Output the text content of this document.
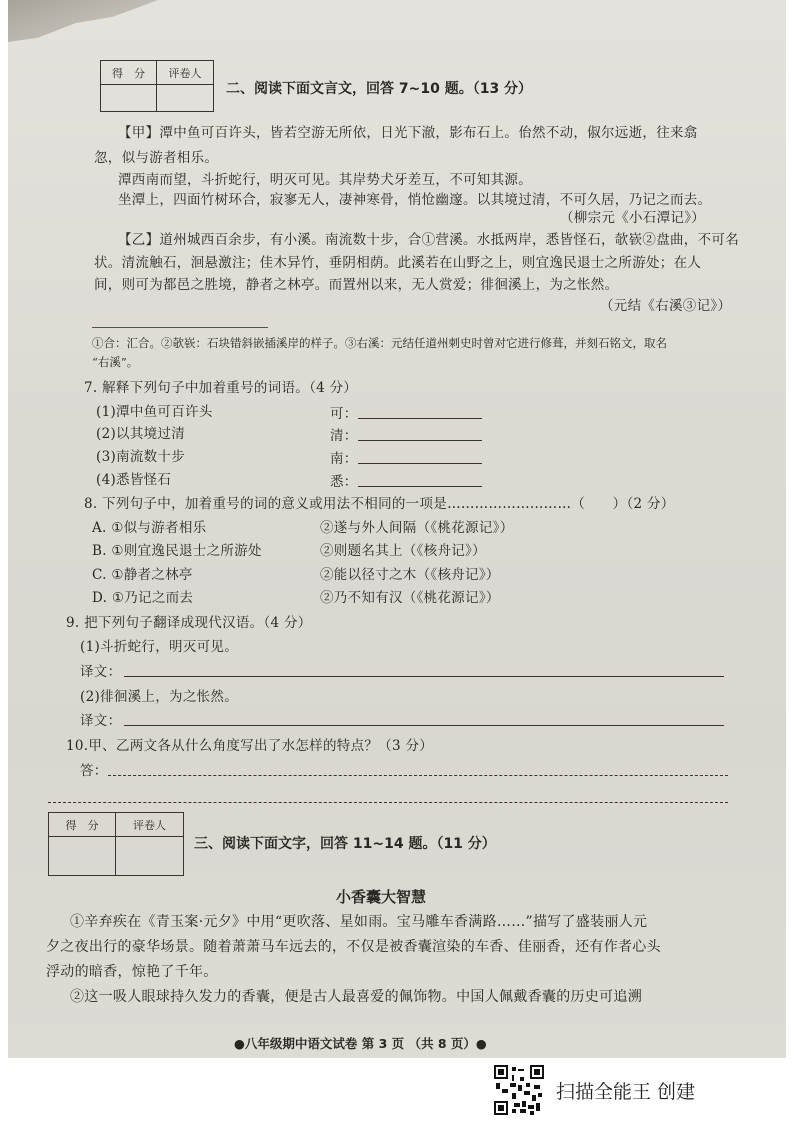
得　分	评卷人
二、阅读下面文言文，回答 7~10 题。（13 分）
【甲】潭中鱼可百许头，皆若空游无所依，日光下澈，影布石上。佁然不动，俶尔远逝，往来翕
忽，似与游者相乐。
潭西南而望，斗折蛇行，明灭可见。其岸势犬牙差互，不可知其源。
坐潭上，四面竹树环合，寂寥无人，凄神寒骨，悄怆幽邃。以其境过清，不可久居，乃记之而去。
（柳宗元《小石潭记》）
【乙】道州城西百余步，有小溪。南流数十步，合①营溪。水抵两岸，悉皆怪石，欹嵚②盘曲，不可名
状。清流触石，洄悬激注；佳木异竹，垂阴相荫。此溪若在山野之上，则宜逸民退士之所游处；在人
间，则可为都邑之胜境，静者之林亭。而置州以来，无人赏爱；徘徊溪上，为之怅然。
（元结《右溪③记》）
①合：汇合。②欹嵚：石块错斜嵌插溪岸的样子。③右溪：元结任道州刺史时曾对它进行修葺，并刻石铭文，取名
“右溪”。
7. 解释下列句子中加着重号的词语。（4 分）
(1)潭中鱼可百许头	可：
(2)以其境过清	清：
(3)南流数十步	南：
(4)悉皆怪石	悉：
8. 下列句子中，加着重号的词的意义或用法不相同的一项是………………………（　　）（2 分）
A. ①似与游者相乐	②遂与外人间隔（《桃花源记》）
B. ①则宜逸民退士之所游处	②则题名其上（《核舟记》）
C. ①静者之林亭	②能以径寸之木（《核舟记》）
D. ①乃记之而去	②乃不知有汉（《桃花源记》）
9. 把下列句子翻译成现代汉语。（4 分）
(1)斗折蛇行，明灭可见。
译文：
(2)徘徊溪上，为之怅然。
译文：
10.甲、乙两文各从什么角度写出了水怎样的特点？（3 分）
答：
得　分	评卷人
三、阅读下面文字，回答 11~14 题。（11 分）
小香囊大智慧
①辛弃疾在《青玉案·元夕》中用“更吹落、星如雨。宝马雕车香满路……”描写了盛装丽人元
夕之夜出行的豪华场景。随着萧萧马车远去的，不仅是被香囊渲染的车香、佳丽香，还有作者心头
浮动的暗香，惊艳了千年。
②这一吸人眼球持久发力的香囊，便是古人最喜爱的佩饰物。中国人佩戴香囊的历史可追溯
●八年级期中语文试卷 第 3 页 （共 8 页）●
扫描全能王 创建
